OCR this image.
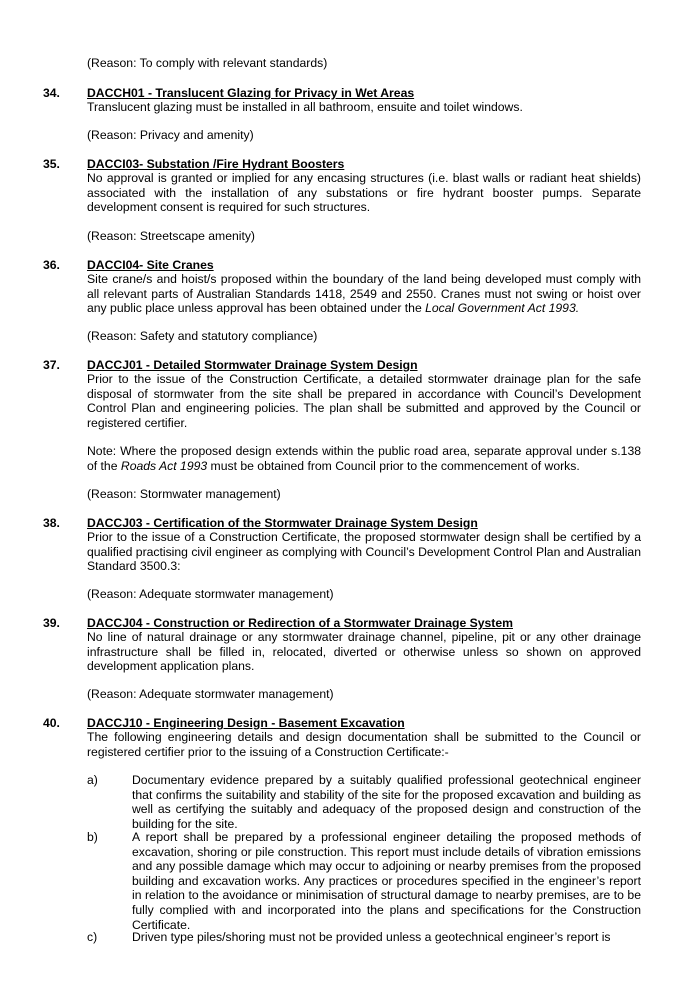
(Reason: To comply with relevant standards)
34. DACCH01 - Translucent Glazing for Privacy in Wet Areas
Translucent glazing must be installed in all bathroom, ensuite and toilet windows.
(Reason: Privacy and amenity)
35. DACCI03- Substation /Fire Hydrant Boosters
No approval is granted or implied for any encasing structures (i.e. blast walls or radiant heat shields) associated with the installation of any substations or fire hydrant booster pumps. Separate development consent is required for such structures.
(Reason: Streetscape amenity)
36. DACCI04- Site Cranes
Site crane/s and hoist/s proposed within the boundary of the land being developed must comply with all relevant parts of Australian Standards 1418, 2549 and 2550. Cranes must not swing or hoist over any public place unless approval has been obtained under the Local Government Act 1993.
(Reason: Safety and statutory compliance)
37. DACCJ01 - Detailed Stormwater Drainage System Design
Prior to the issue of the Construction Certificate, a detailed stormwater drainage plan for the safe disposal of stormwater from the site shall be prepared in accordance with Council’s Development Control Plan and engineering policies. The plan shall be submitted and approved by the Council or registered certifier.
Note: Where the proposed design extends within the public road area, separate approval under s.138 of the Roads Act 1993 must be obtained from Council prior to the commencement of works.
(Reason: Stormwater management)
38. DACCJ03 - Certification of the Stormwater Drainage System Design
Prior to the issue of a Construction Certificate, the proposed stormwater design shall be certified by a qualified practising civil engineer as complying with Council’s Development Control Plan and Australian Standard 3500.3:
(Reason: Adequate stormwater management)
39. DACCJ04 - Construction or Redirection of a Stormwater Drainage System
No line of natural drainage or any stormwater drainage channel, pipeline, pit or any other drainage infrastructure shall be filled in, relocated, diverted or otherwise unless so shown on approved development application plans.
(Reason: Adequate stormwater management)
40. DACCJ10 - Engineering Design - Basement Excavation
The following engineering details and design documentation shall be submitted to the Council or registered certifier prior to the issuing of a Construction Certificate:-
a)	Documentary evidence prepared by a suitably qualified professional geotechnical engineer that confirms the suitability and stability of the site for the proposed excavation and building as well as certifying the suitably and adequacy of the proposed design and construction of the building for the site.
b)	A report shall be prepared by a professional engineer detailing the proposed methods of excavation, shoring or pile construction. This report must include details of vibration emissions and any possible damage which may occur to adjoining or nearby premises from the proposed building and excavation works. Any practices or procedures specified in the engineer’s report in relation to the avoidance or minimisation of structural damage to nearby premises, are to be fully complied with and incorporated into the plans and specifications for the Construction Certificate.
c)	Driven type piles/shoring must not be provided unless a geotechnical engineer’s report is
